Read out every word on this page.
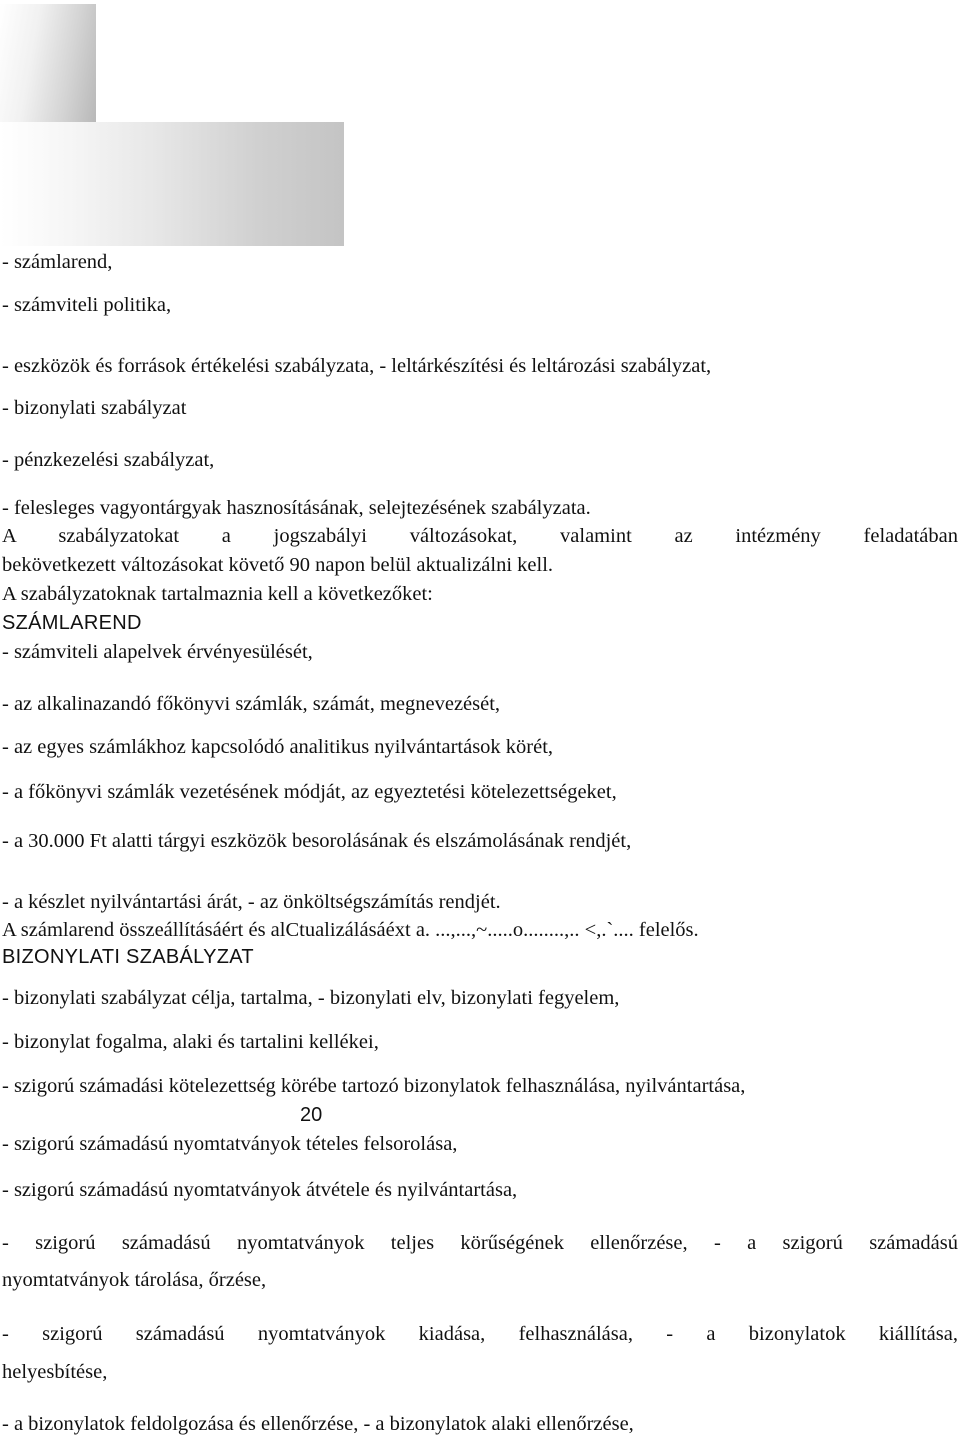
- számlarend,
- számviteli politika,
- eszközök és források értékelési szabályzata, - leltárkészítési és leltározási szabályzat,
- bizonylati szabályzat
- pénzkezelési szabályzat,
- felesleges vagyontárgyak hasznosításának, selejtezésének szabályzata.
A szabályzatokat a jogszabályi változásokat, valamint az intézmény feladatában
bekövetkezett változásokat követő 90 napon belül aktualizálni kell.
A szabályzatoknak tartalmaznia kell a következőket:
SZÁMLAREND
- számviteli alapelvek érvényesülését,
- az alkalinazandó főkönyvi számlák, számát, megnevezését,
- az egyes számlákhoz kapcsolódó analitikus nyilvántartások körét,
- a főkönyvi számlák vezetésének módját, az egyeztetési kötelezettségeket,
- a 30.000 Ft alatti tárgyi eszközök besorolásának és elszámolásának rendjét,
- a készlet nyilvántartási árát, - az önköltségszámítás rendjét.
A számlarend összeállításáért és alCtualizálásáéxt a. ...,...,~.....o........,.. <,.`.... felelős.
BIZONYLATI SZABÁLYZAT
- bizonylati szabályzat célja, tartalma, - bizonylati elv, bizonylati fegyelem,
- bizonylat fogalma, alaki és tartalini kellékei,
- szigorú számadási kötelezettség körébe tartozó bizonylatok felhasználása, nyilvántartása,
20
- szigorú számadású nyomtatványok tételes felsorolása,
- szigorú számadású nyomtatványok átvétele és nyilvántartása,
- szigorú számadású nyomtatványok teljes körűségének ellenőrzése, - a szigorú számadású
nyomtatványok tárolása, őrzése,
- szigorú számadású nyomtatványok kiadása, felhasználása, - a bizonylatok kiállítása,
helyesbítése,
- a bizonylatok feldolgozása és ellenőrzése, - a bizonylatok alaki ellenőrzése,
